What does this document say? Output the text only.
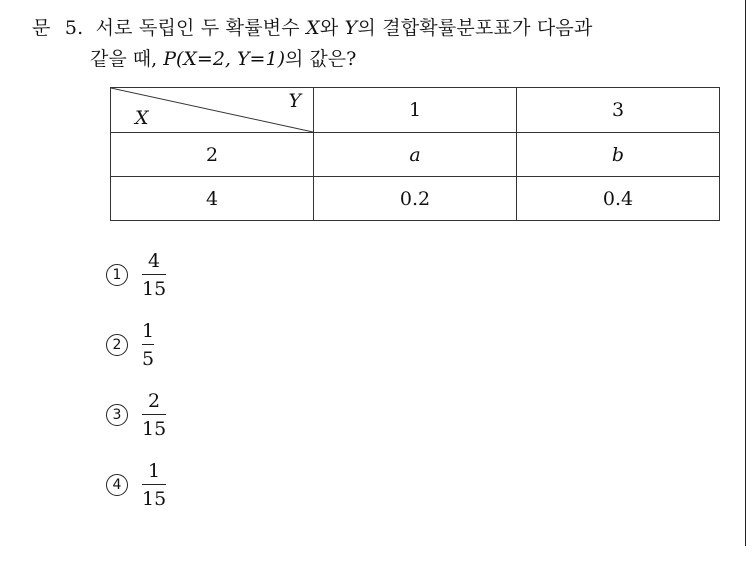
문 5. 서로 독립인 두 확률변수 X와 Y의 결합확률분포표가 다음과
같을 때, P(X=2, Y=1)의 값은?
X
Y	1	3
2	a	b
4	0.2	0.4
1	$\frac{4}{15}$
2	$\frac{1}{5}$
3	$\frac{2}{15}$
4	$\frac{1}{15}$
